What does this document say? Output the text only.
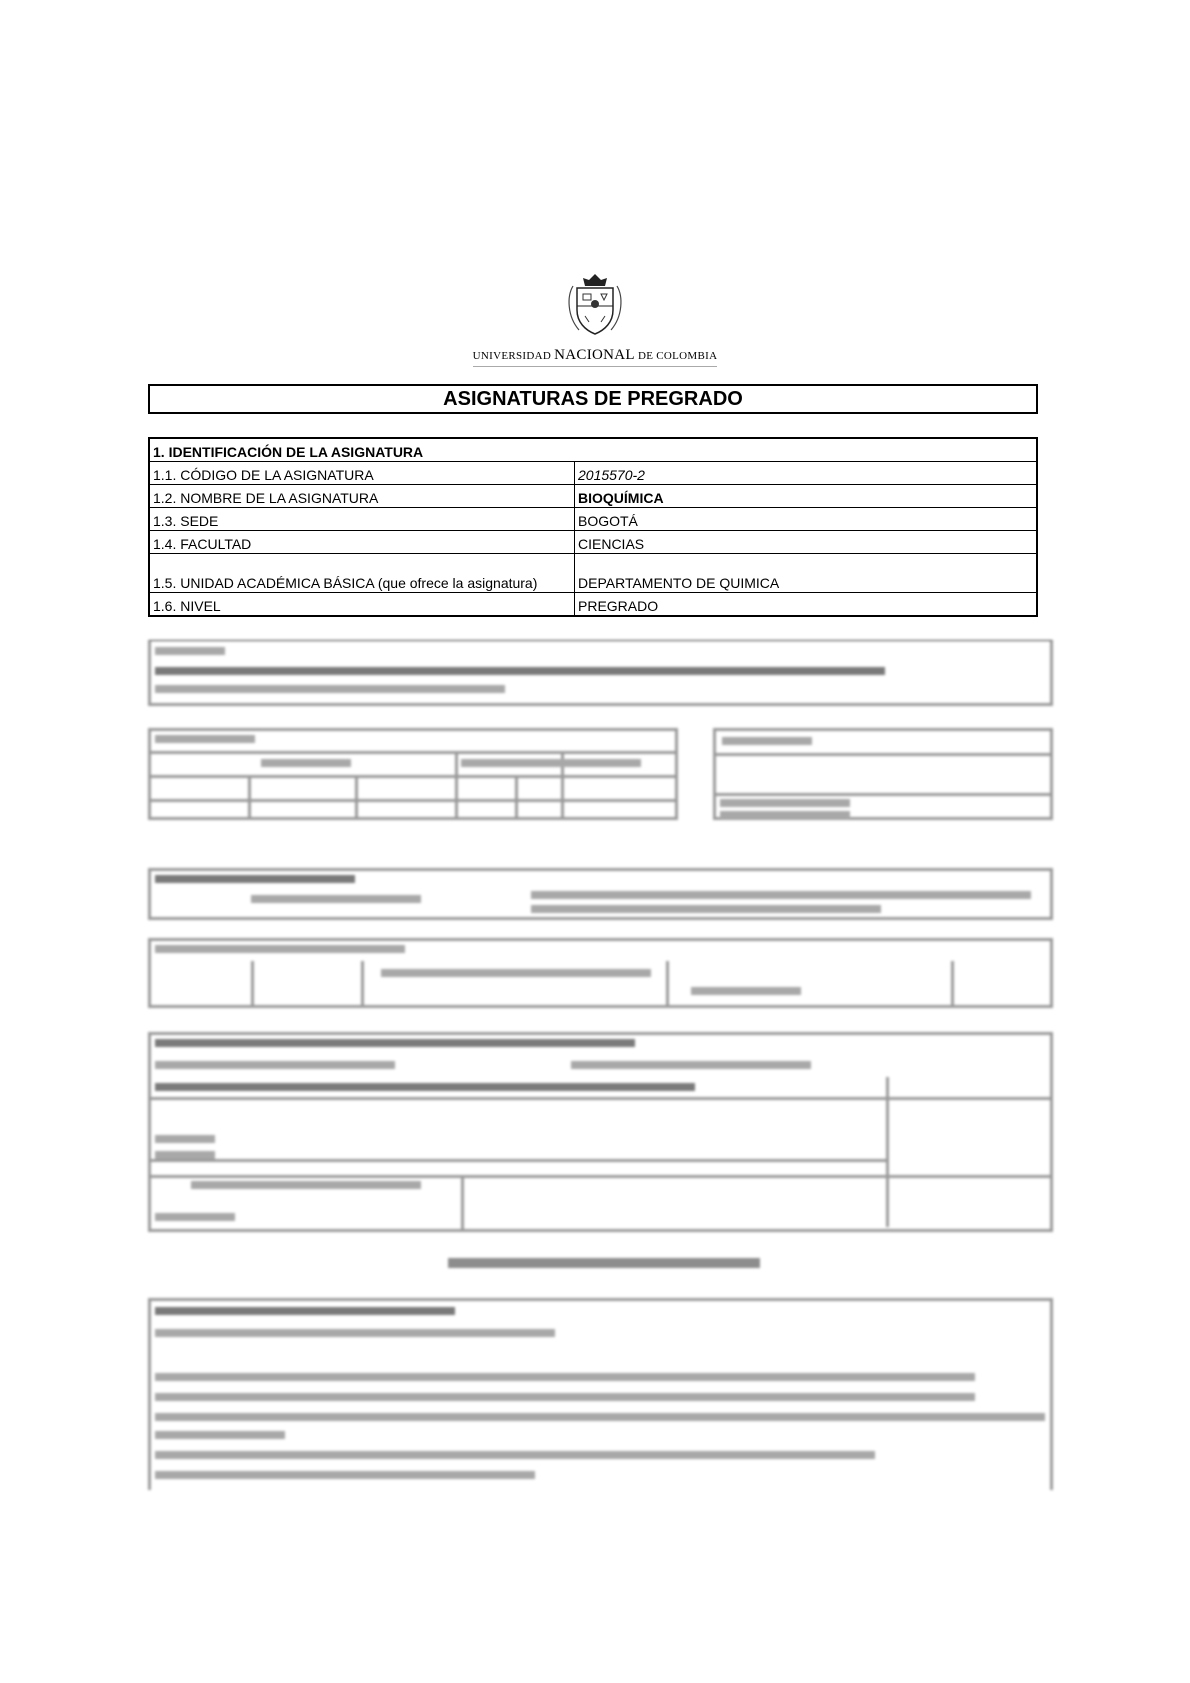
UNIVERSIDAD NACIONAL DE COLOMBIA
ASIGNATURAS DE PREGRADO
1. IDENTIFICACIÓN DE LA ASIGNATURA	
1.1. CÓDIGO DE LA ASIGNATURA	2015570-2
1.2. NOMBRE DE LA ASIGNATURA	BIOQUÍMICA
1.3. SEDE	BOGOTÁ
1.4. FACULTAD	CIENCIAS
1.5. UNIDAD ACADÉMICA BÁSICA (que ofrece la asignatura)	DEPARTAMENTO DE QUIMICA
1.6. NIVEL	PREGRADO
